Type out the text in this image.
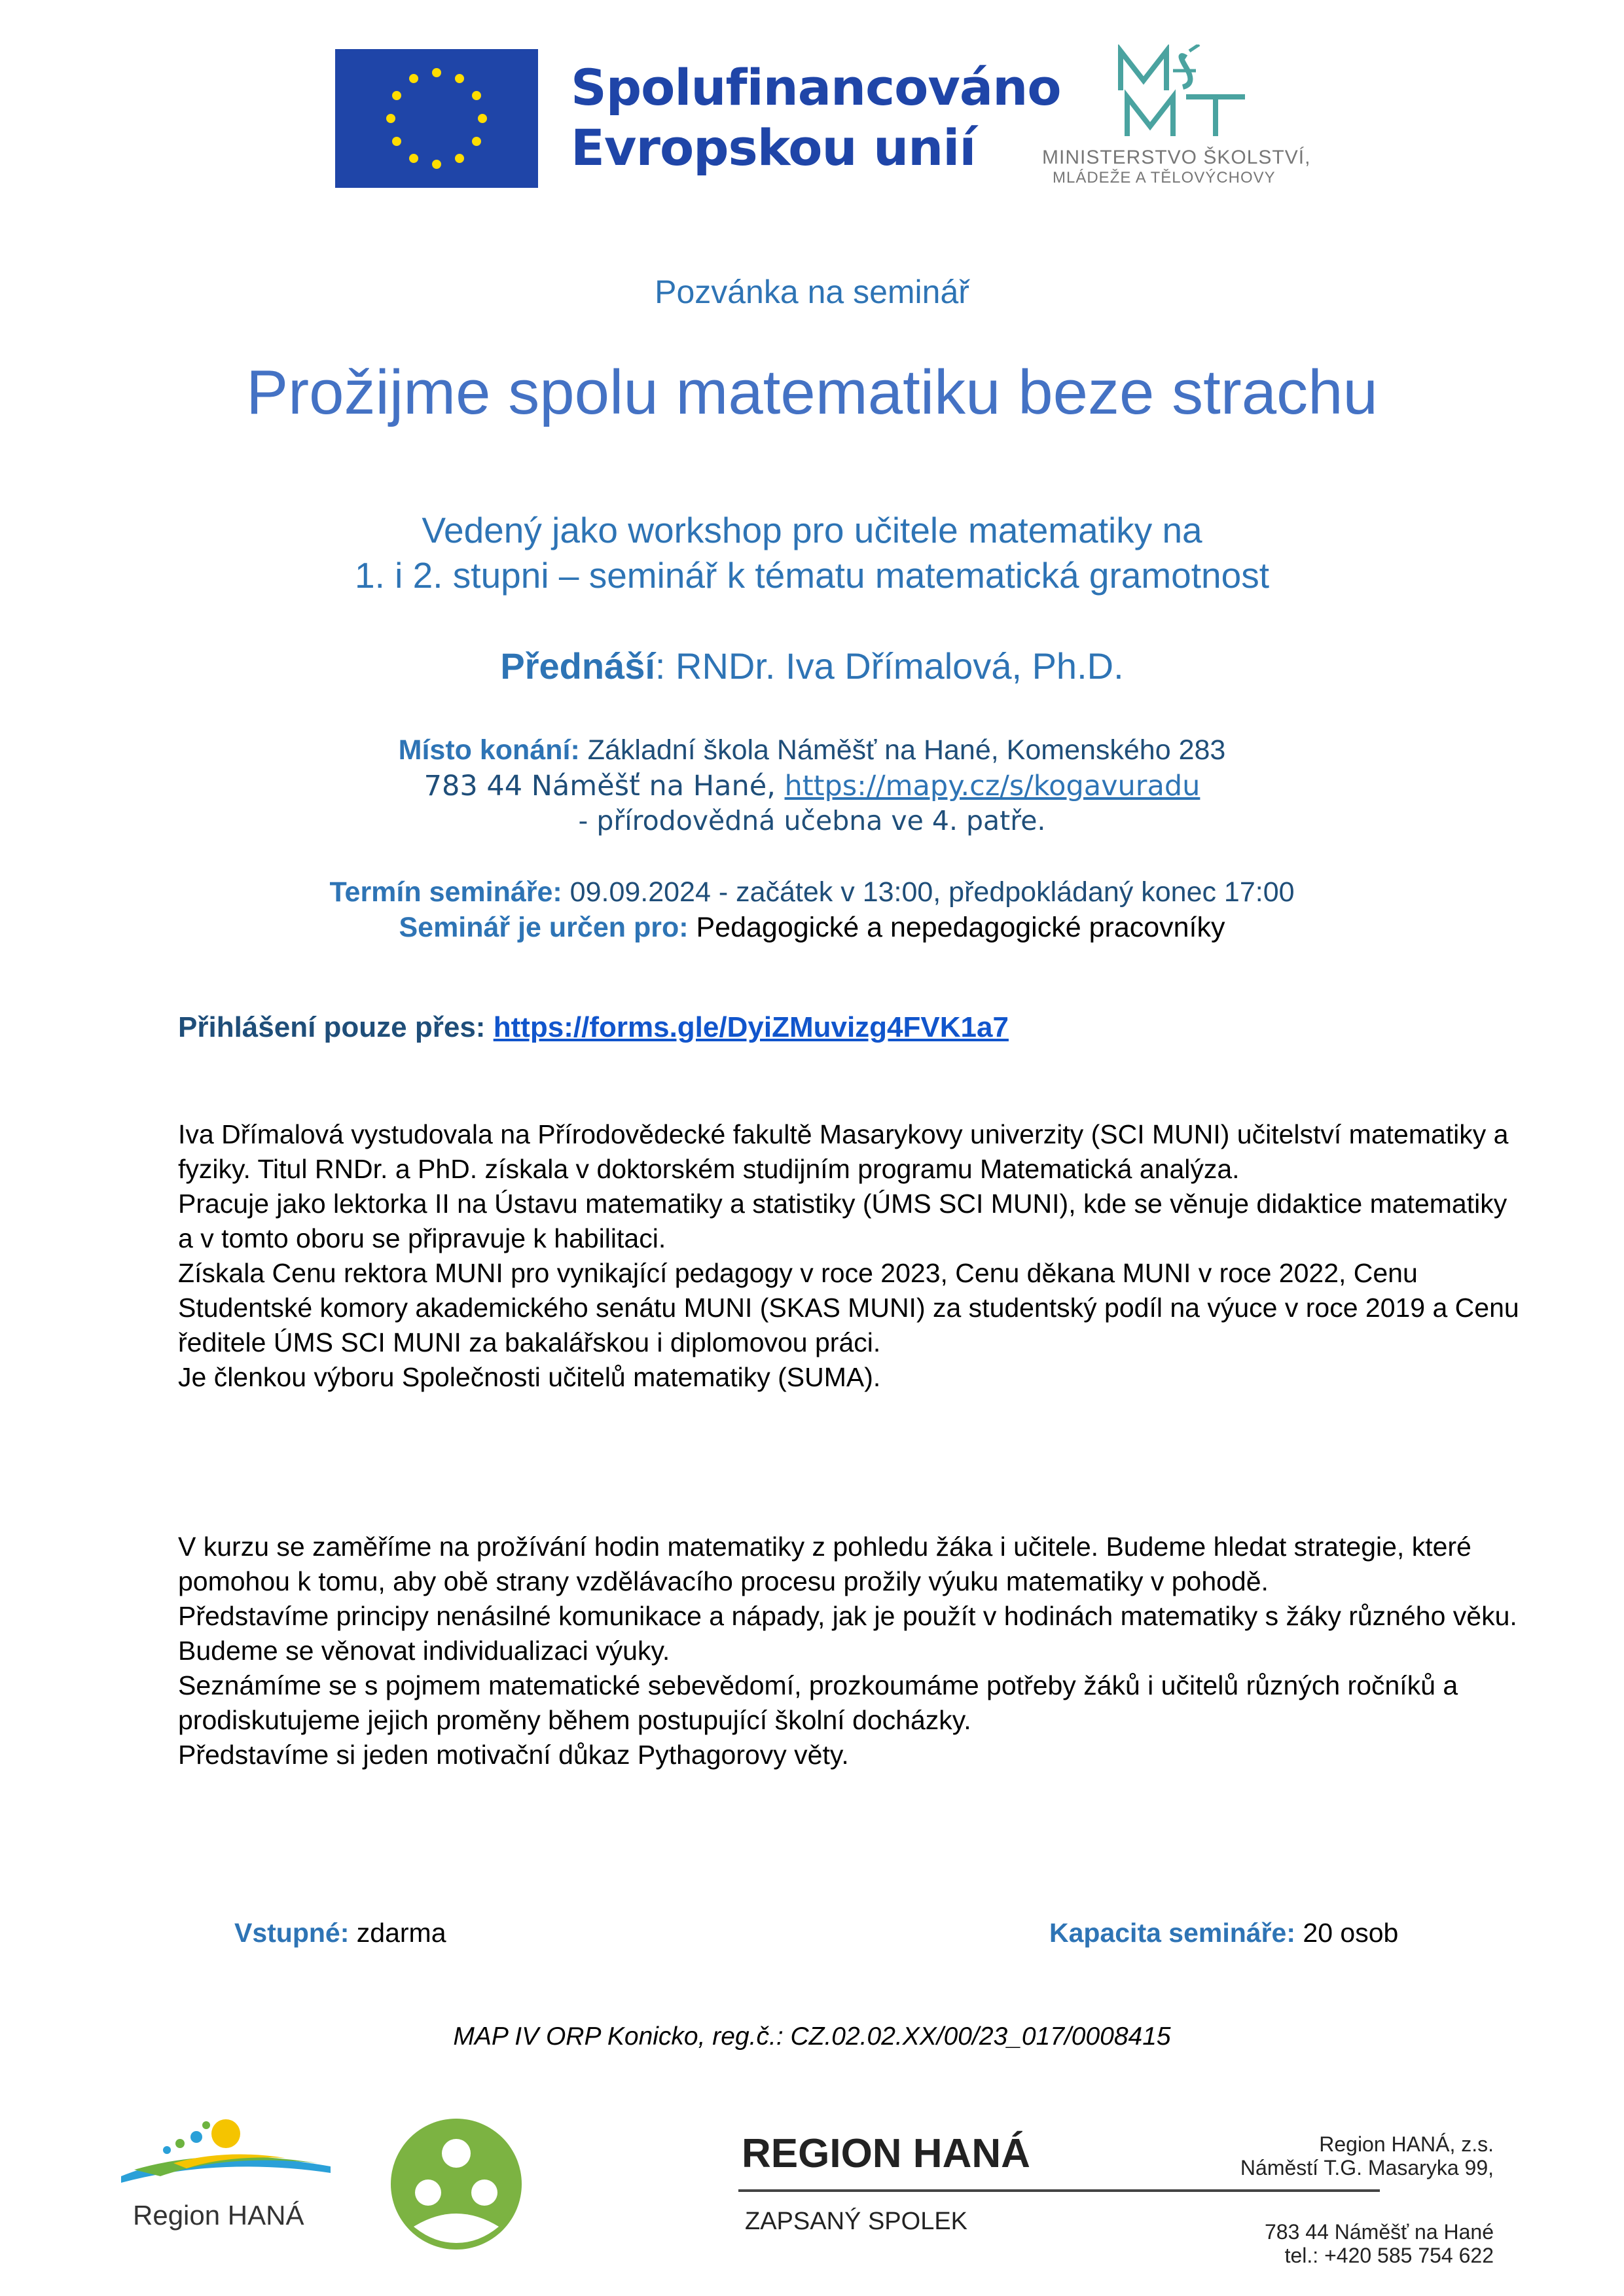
Spolufinancováno
Evropskou unií	MINISTERSTVO ŠKOLSTVÍ,
MLÁDEŽE A TĚLOVÝCHOVY
Pozvánka na seminář
Prožijme spolu matematiku beze strachu
Vedený jako workshop pro učitele matematiky na
1. i 2. stupni – seminář k tématu matematická gramotnost
Přednáší: RNDr. Iva Dřímalová, Ph.D.
Místo konání: Základní škola Náměšť na Hané, Komenského 283
783 44 Náměšť na Hané, https://mapy.cz/s/kogavuradu
- přírodovědná učebna ve 4. patře.
Termín semináře: 09.09.2024 - začátek v 13:00, předpokládaný konec 17:00
Seminář je určen pro: Pedagogické a nepedagogické pracovníky
Přihlášení pouze přes: https://forms.gle/DyiZMuvizg4FVK1a7

Iva Dřímalová vystudovala na Přírodovědecké fakultě Masarykovy univerzity (SCI MUNI) učitelství matematiky a fyziky. Titul RNDr. a PhD. získala v doktorském studijním programu Matematická analýza.

Pracuje jako lektorka II na Ústavu matematiky a statistiky (ÚMS SCI MUNI), kde se věnuje didaktice matematiky a v tomto oboru se připravuje k habilitaci.

Získala Cenu rektora MUNI pro vynikající pedagogy v roce 2023, Cenu děkana MUNI v roce 2022, Cenu Studentské komory akademického senátu MUNI (SKAS MUNI) za studentský podíl na výuce v roce 2019 a Cenu ředitele ÚMS SCI MUNI za bakalářskou i diplomovou práci.

Je členkou výboru Společnosti učitelů matematiky (SUMA).

V kurzu se zaměříme na prožívání hodin matematiky z pohledu žáka i učitele. Budeme hledat strategie, které pomohou k tomu, aby obě strany vzdělávacího procesu prožily výuku matematiky v pohodě.

Představíme principy nenásilné komunikace a nápady, jak je použít v hodinách matematiky s žáky různého věku. Budeme se věnovat individualizaci výuky.

Seznámíme se s pojmem matematické sebevědomí, prozkoumáme potřeby žáků i učitelů různých ročníků a prodiskutujeme jejich proměny během postupující školní docházky.

Představíme si jeden motivační důkaz Pythagorovy věty.

Vstupné: zdarma	Kapacita semináře: 20 osob
MAP IV ORP Konicko, reg.č.: CZ.02.02.XX/00/23_017/0008415
Region HANÁ
REGION HANÁ
ZAPSANÝ SPOLEK
Region HANÁ, z.s.
Náměstí T.G. Masaryka 99,
783 44 Náměšť na Hané
tel.: +420 585 754 622
